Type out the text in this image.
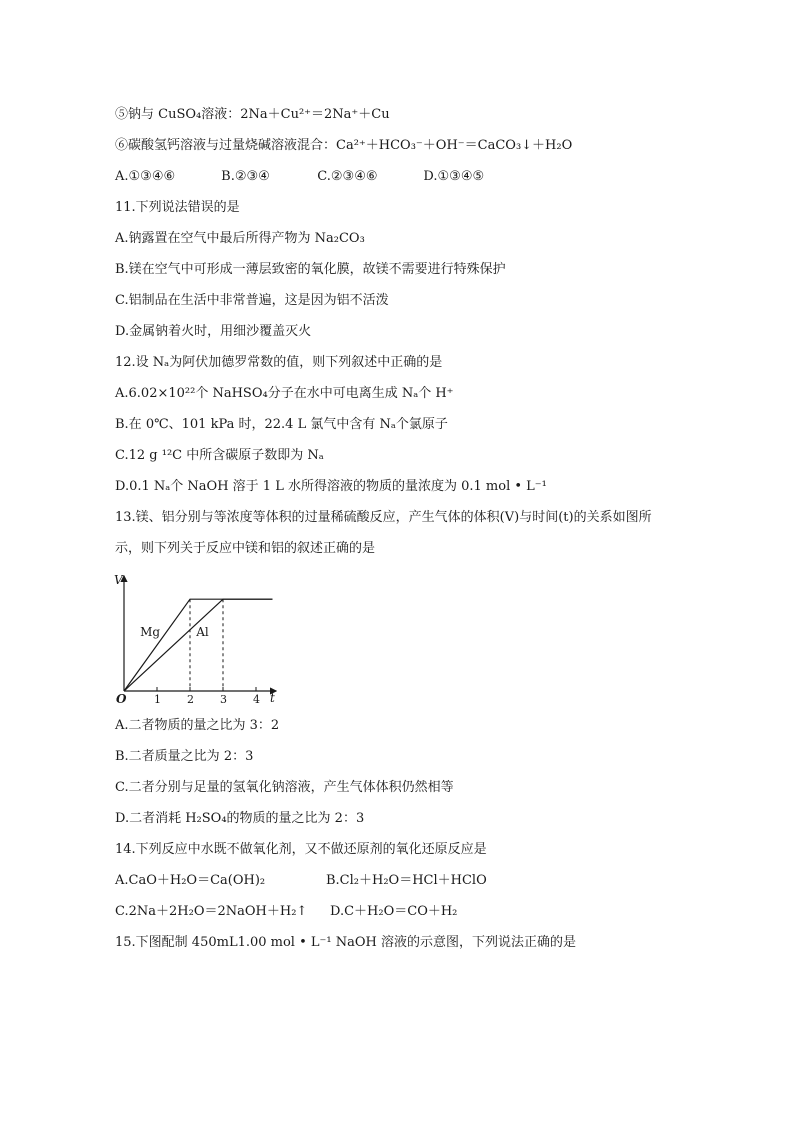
⑤钠与 CuSO₄溶液：2Na＋Cu²⁺＝2Na⁺＋Cu
⑥碳酸氢钙溶液与过量烧碱溶液混合：Ca²⁺＋HCO₃⁻＋OH⁻＝CaCO₃↓＋H₂O
A.①③④⑥	B.②③④	C.②③④⑥	D.①③④⑤
11.下列说法错误的是
A.钠露置在空气中最后所得产物为 Na₂CO₃
B.镁在空气中可形成一薄层致密的氧化膜，故镁不需要进行特殊保护
C.铝制品在生活中非常普遍，这是因为铝不活泼
D.金属钠着火时，用细沙覆盖灭火
12.设 Nₐ为阿伏加德罗常数的值，则下列叙述中正确的是
A.6.02×10²²个 NaHSO₄分子在水中可电离生成 Nₐ个 H⁺
B.在 0℃、101 kPa 时，22.4 L 氯气中含有 Nₐ个氯原子
C.12 g ¹²C 中所含碳原子数即为 Nₐ
D.0.1 Nₐ个 NaOH 溶于 1 L 水所得溶液的物质的量浓度为 0.1 mol • L⁻¹
13.镁、铝分别与等浓度等体积的过量稀硫酸反应，产生气体的体积(V)与时间(t)的关系如图所
示，则下列关于反应中镁和铝的叙述正确的是
V
t
O	1 2 3 4
Mg	Al
A.二者物质的量之比为 3：2
B.二者质量之比为 2：3
C.二者分别与足量的氢氧化钠溶液，产生气体体积仍然相等
D.二者消耗 H₂SO₄的物质的量之比为 2：3
14.下列反应中水既不做氧化剂，又不做还原剂的氧化还原反应是
A.CaO＋H₂O＝Ca(OH)₂	B.Cl₂＋H₂O＝HCl＋HClO
C.2Na＋2H₂O＝2NaOH＋H₂↑ D.C＋H₂O＝CO＋H₂
15.下图配制 450mL1.00 mol • L⁻¹ NaOH 溶液的示意图，下列说法正确的是
